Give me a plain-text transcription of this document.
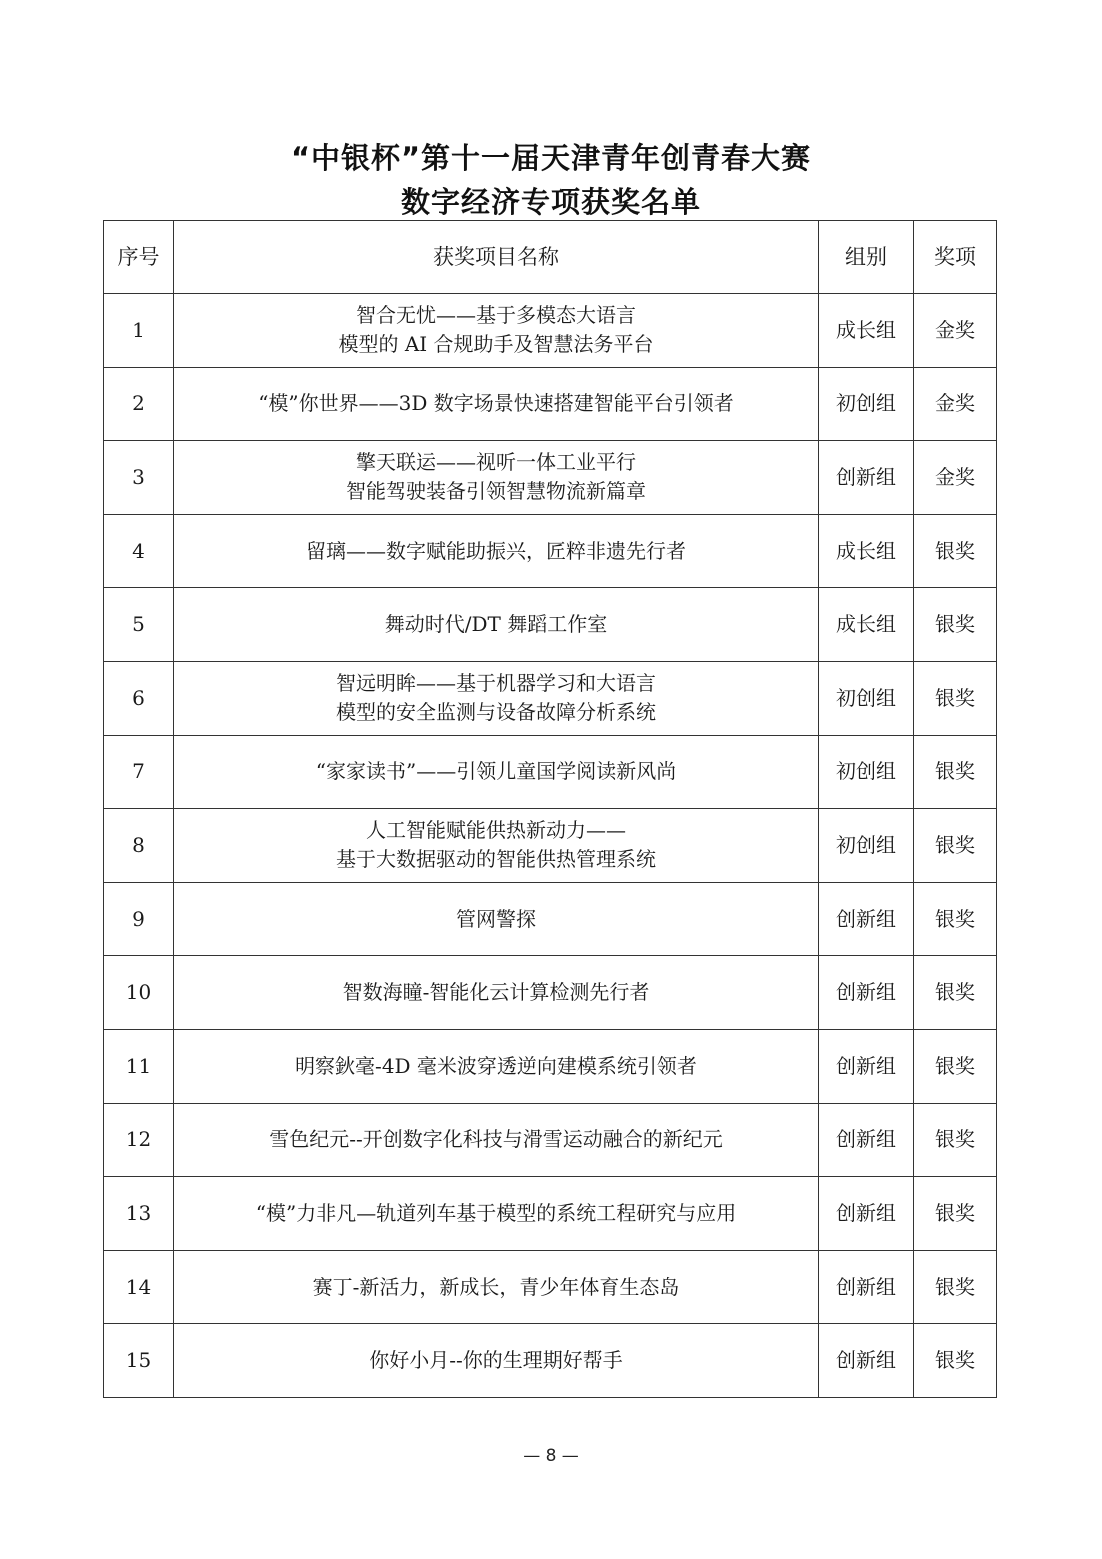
“中银杯”第十一届天津青年创青春大赛
数字经济专项获奖名单
序号	获奖项目名称	组别	奖项
1	智合无忧——基于多模态大语言
模型的 AI 合规助手及智慧法务平台	成长组	金奖
2	“模”你世界——3D 数字场景快速搭建智能平台引领者	初创组	金奖
3	擎天联运——视听一体工业平行
智能驾驶装备引领智慧物流新篇章	创新组	金奖
4	留璃——数字赋能助振兴，匠粹非遗先行者	成长组	银奖
5	舞动时代/DT 舞蹈工作室	成长组	银奖
6	智远明眸——基于机器学习和大语言
模型的安全监测与设备故障分析系统	初创组	银奖
7	“家家读书”——引领儿童国学阅读新风尚	初创组	银奖
8	人工智能赋能供热新动力——
基于大数据驱动的智能供热管理系统	初创组	银奖
9	管网警探	创新组	银奖
10	智数海瞳-智能化云计算检测先行者	创新组	银奖
11	明察鈥毫-4D 毫米波穿透逆向建模系统引领者	创新组	银奖
12	雪色纪元--开创数字化科技与滑雪运动融合的新纪元	创新组	银奖
13	“模”力非凡—轨道列车基于模型的系统工程研究与应用	创新组	银奖
14	赛丁-新活力，新成长，青少年体育生态岛	创新组	银奖
15	你好小月--你的生理期好帮手	创新组	银奖
— 8 —
